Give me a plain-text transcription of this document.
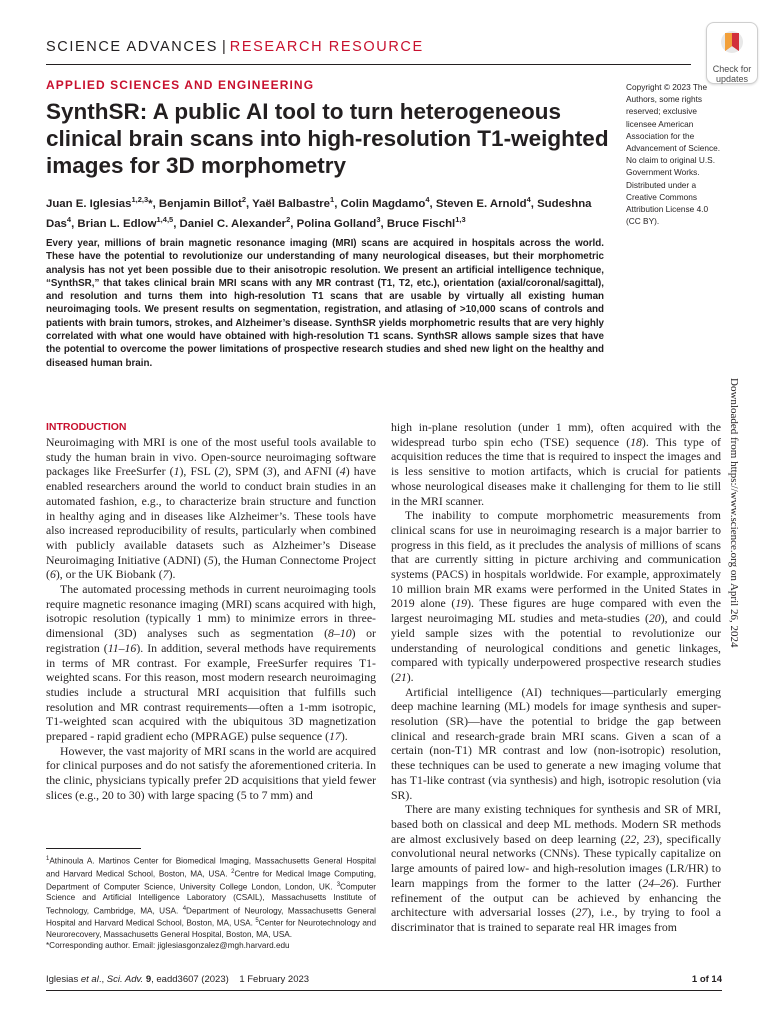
SCIENCE ADVANCES | RESEARCH RESOURCE
Check for
updates
APPLIED SCIENCES AND ENGINEERING
SynthSR: A public AI tool to turn heterogeneous clinical brain scans into high-resolution T1-weighted images for 3D morphometry
Juan E. Iglesias$^{1,2,3}$*, Benjamin Billot$^2$, Yaël Balbastre$^1$, Colin Magdamo$^4$, Steven E. Arnold$^4$, Sudeshna Das$^4$, Brian L. Edlow$^{1,4,5}$, Daniel C. Alexander$^2$, Polina Golland$^3$, Bruce Fischl$^{1,3}$
Copyright © 2023 The Authors, some rights reserved; exclusive licensee American Association for the Advancement of Science. No claim to original U.S. Government Works. Distributed under a Creative Commons Attribution License 4.0 (CC BY).

Every year, millions of brain magnetic resonance imaging (MRI) scans are acquired in hospitals across the world. These have the potential to revolutionize our understanding of many neurological diseases, but their morphometric analysis has not yet been possible due to their anisotropic resolution. We present an artificial intelligence technique, “SynthSR,” that takes clinical brain MRI scans with any MR contrast (T1, T2, etc.), orientation (axial/coronal/sagittal), and resolution and turns them into high-resolution T1 scans that are usable by virtually all existing human neuroimaging tools. We present results on segmentation, registration, and atlasing of >10,000 scans of controls and patients with brain tumors, strokes, and Alzheimer’s disease. SynthSR yields morphometric results that are very highly correlated with what one would have obtained with high-resolution T1 scans. SynthSR allows sample sizes that have the potential to overcome the power limitations of prospective research studies and shed new light on the healthy and diseased human brain.

INTRODUCTION

Neuroimaging with MRI is one of the most useful tools available to study the human brain in vivo. Open-source neuroimaging software packages like FreeSurfer (1), FSL (2), SPM (3), and AFNI (4) have enabled researchers around the world to conduct brain studies in an automated fashion, e.g., to characterize brain structure and function in healthy aging and in diseases like Alzheimer’s. These tools have also increased reproducibility of results, particularly when combined with publicly available datasets such as Alzheimer’s Disease Neuroimaging Initiative (ADNI) (5), the Human Connectome Project (6), or the UK Biobank (7).

The automated processing methods in current neuroimaging tools require magnetic resonance imaging (MRI) scans acquired with high, isotropic resolution (typically 1 mm) to minimize errors in three-dimensional (3D) analyses such as segmentation (8–10) or registration (11–16). In addition, several methods have requirements in terms of MR contrast. For example, FreeSurfer requires T1-weighted scans. For this reason, most modern research neuroimaging studies include a structural MRI acquisition that fulfills such resolution and MR contrast requirements—often a 1-mm isotropic, T1-weighted scan acquired with the ubiquitous 3D magnetization prepared - rapid gradient echo (MPRAGE) pulse sequence (17).

However, the vast majority of MRI scans in the world are acquired for clinical purposes and do not satisfy the aforementioned criteria. In the clinic, physicians typically prefer 2D acquisitions that yield fewer slices (e.g., 20 to 30) with large spacing (5 to 7 mm) and

high in-plane resolution (under 1 mm), often acquired with the widespread turbo spin echo (TSE) sequence (18). This type of acquisition reduces the time that is required to inspect the images and is less sensitive to motion artifacts, which is crucial for patients whose neurological diseases make it challenging for them to lie still in the MRI scanner.

The inability to compute morphometric measurements from clinical scans for use in neuroimaging research is a major barrier to progress in this field, as it precludes the analysis of millions of scans that are currently sitting in picture archiving and communication systems (PACS) in hospitals worldwide. For example, approximately 10 million brain MR exams were performed in the United States in 2019 alone (19). These figures are huge compared with even the largest neuroimaging ML studies and meta-studies (20), and could yield sample sizes with the potential to revolutionize our understanding of neurological conditions and genetic linkages, compared with typically underpowered prospective research studies (21).

Artificial intelligence (AI) techniques—particularly emerging deep machine learning (ML) models for image synthesis and super-resolution (SR)—have the potential to bridge the gap between clinical and research-grade brain MRI scans. Given a scan of a certain (non-T1) MR contrast and low (non-isotropic) resolution, these techniques can be used to generate a new imaging volume that has T1-like contrast (via synthesis) and high, isotropic resolution (via SR).

There are many existing techniques for synthesis and SR of MRI, based both on classical and deep ML methods. Modern SR methods are almost exclusively based on deep learning (22, 23), specifically convolutional neural networks (CNNs). These typically capitalize on large amounts of paired low- and high-resolution images (LR/HR) to learn mappings from the former to the latter (24–26). Further refinement of the output can be achieved by enhancing the architecture with adversarial losses (27), i.e., by trying to fool a discriminator that is trained to separate real HR images from

$^1$Athinoula A. Martinos Center for Biomedical Imaging, Massachusetts General Hospital and Harvard Medical School, Boston, MA, USA. $^2$Centre for Medical Image Computing, Department of Computer Science, University College London, London, UK. $^3$Computer Science and Artificial Intelligence Laboratory (CSAIL), Massachusetts Institute of Technology, Cambridge, MA, USA. $^4$Department of Neurology, Massachusetts General Hospital and Harvard Medical School, Boston, MA, USA. $^5$Center for Neurotechnology and Neurorecovery, Massachusetts General Hospital, Boston, MA, USA.

*Corresponding author. Email: jiglesiasgonzalez@mgh.harvard.edu

Iglesias et al., Sci. Adv. 9, eadd3607 (2023)    1 February 2023	1 of 14
Downloaded from https://www.science.org on April 26, 2024
